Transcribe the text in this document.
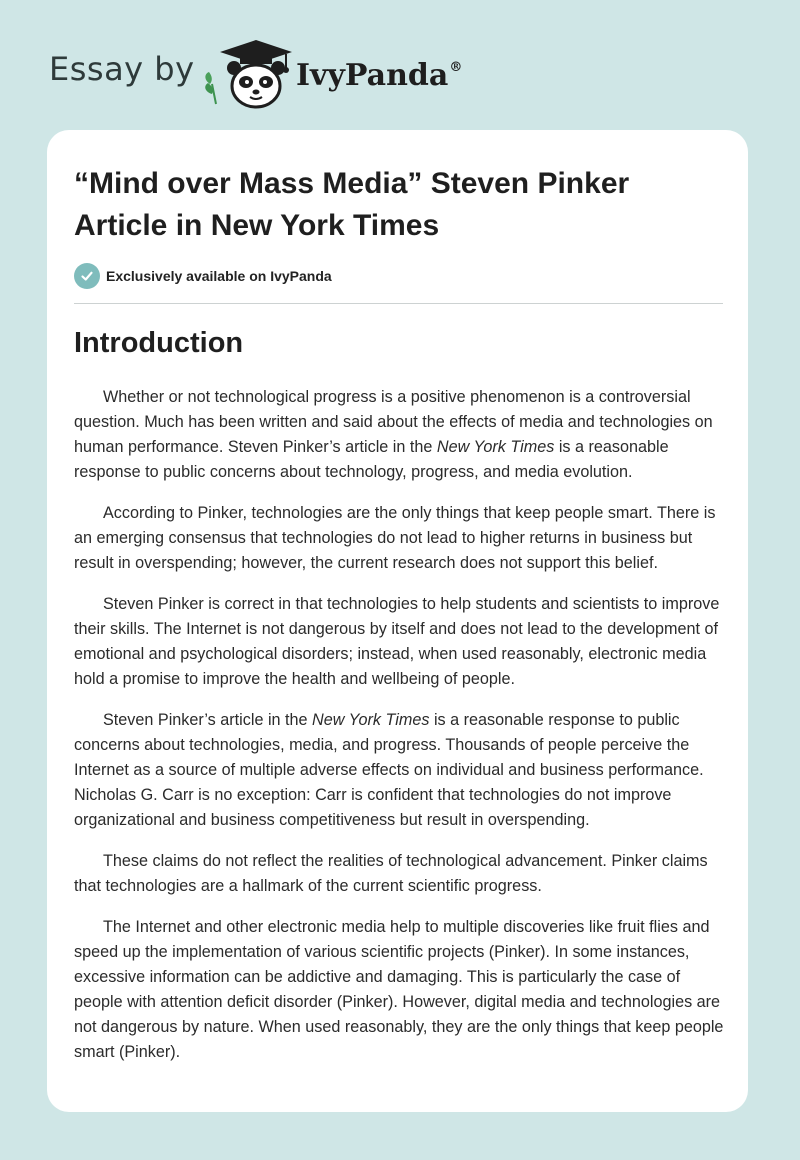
Essay by	IvyPanda®
“Mind over Mass Media” Steven Pinker Article in New York Times
Exclusively available on IvyPanda
Introduction

Whether or not technological progress is a positive phenomenon is a controversial question. Much has been written and said about the effects of media and technologies on human performance. Steven Pinker’s article in the New York Times is a reasonable response to public concerns about technology, progress, and media evolution.

According to Pinker, technologies are the only things that keep people smart. There is an emerging consensus that technologies do not lead to higher returns in business but result in overspending; however, the current research does not support this belief.

Steven Pinker is correct in that technologies to help students and scientists to improve their skills. The Internet is not dangerous by itself and does not lead to the development of emotional and psychological disorders; instead, when used reasonably, electronic media hold a promise to improve the health and wellbeing of people.

Steven Pinker’s article in the New York Times is a reasonable response to public concerns about technologies, media, and progress. Thousands of people perceive the Internet as a source of multiple adverse effects on individual and business performance. Nicholas G. Carr is no exception: Carr is confident that technologies do not improve organizational and business competitiveness but result in overspending.

These claims do not reflect the realities of technological advancement. Pinker claims that technologies are a hallmark of the current scientific progress.

The Internet and other electronic media help to multiple discoveries like fruit flies and speed up the implementation of various scientific projects (Pinker). In some instances, excessive information can be addictive and damaging. This is particularly the case of people with attention deficit disorder (Pinker). However, digital media and technologies are not dangerous by nature. When used reasonably, they are the only things that keep people smart (Pinker).
